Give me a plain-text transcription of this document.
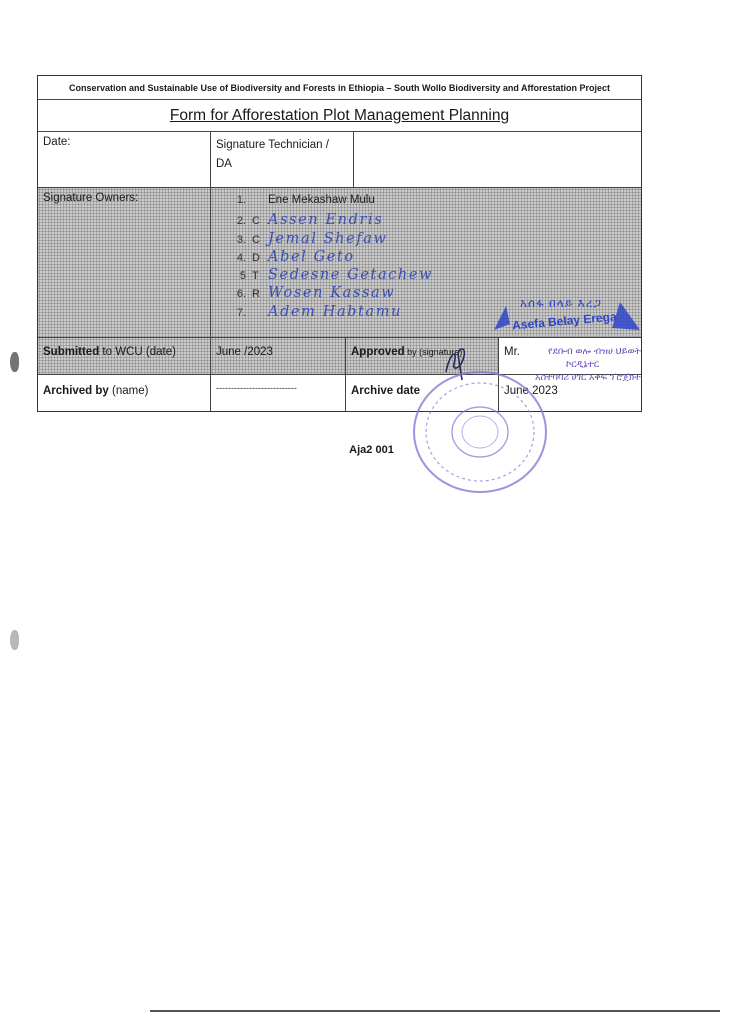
Conservation and Sustainable Use of Biodiversity and Forests in Ethiopia – South Wollo Biodiversity and Afforestation Project
Form for Afforestation Plot Management Planning
Date:	Signature Technician / DA
Signature Owners:	1. Ene Mekashaw Mulu
2. C Assen Endris
3. C Jemal Shefaw
4. D Abel Geto
5 T Sedesne Getachew
6. R Wosen Kassaw
7. Adem Habtamu
Submitted to WCU (date)	June /2023	Approved by (signature)	Mr.
Archived by (name)	---------------------------	Archive date	June 2023
አሰፋ በላይ እረጋ
Asefa Belay Erega
የደቡብ ወሎ ብዝሀ ህይወት
ኮርዲኔተር
አስተባባሪ ሀገር አቀፍ ፕሮጀክት
Aja2 001
